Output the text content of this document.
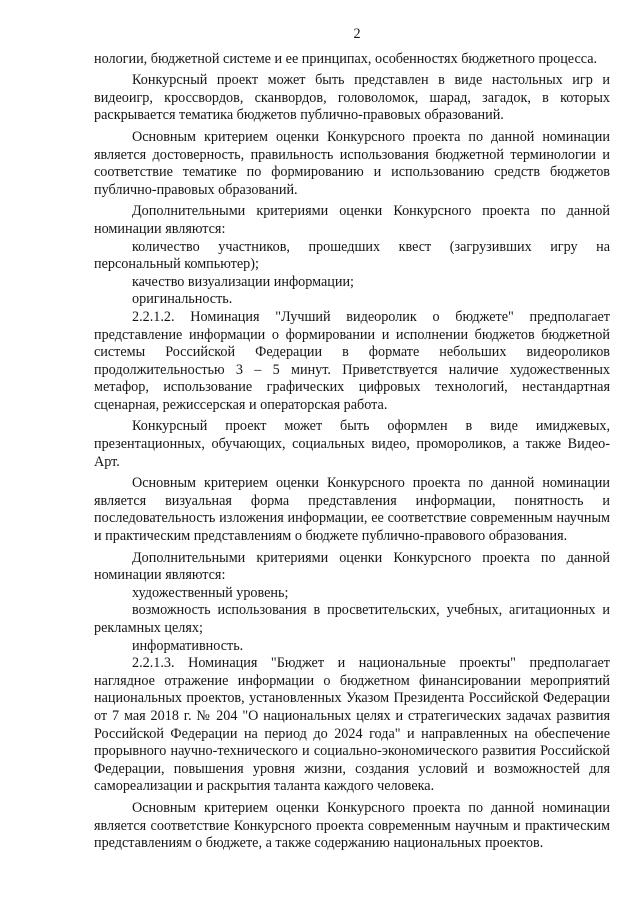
2

нологии, бюджетной системе и ее принципах, особенностях бюджетного процесса.

Конкурсный проект может быть представлен в виде настольных игр и видеоигр, кроссвордов, сканвордов, головоломок, шарад, загадок, в которых раскрывается тематика бюджетов публично-правовых образований.

Основным критерием оценки Конкурсного проекта по данной номинации является достоверность, правильность использования бюджетной терминологии и соответствие тематике по формированию и использованию средств бюджетов публично-правовых образований.

Дополнительными критериями оценки Конкурсного проекта по данной номинации являются:

количество участников, прошедших квест (загрузивших игру на персональный компьютер);

качество визуализации информации;

оригинальность.

2.2.1.2. Номинация "Лучший видеоролик о бюджете" предполагает представление информации о формировании и исполнении бюджетов бюджетной системы Российской Федерации в формате небольших видеороликов продолжительностью 3 – 5 минут. Приветствуется наличие художественных метафор, использование графических цифровых технологий, нестандартная сценарная, режиссерская и операторская работа.

Конкурсный проект может быть оформлен в виде имиджевых, презентационных, обучающих, социальных видео, промороликов, а также Видео-Арт.

Основным критерием оценки Конкурсного проекта по данной номинации является визуальная форма представления информации, понятность и последовательность изложения информации, ее соответствие современным научным и практическим представлениям о бюджете публично-правового образования.

Дополнительными критериями оценки Конкурсного проекта по данной номинации являются:

художественный уровень;

возможность использования в просветительских, учебных, агитационных и рекламных целях;

информативность.

2.2.1.3. Номинация "Бюджет и национальные проекты" предполагает наглядное отражение информации о бюджетном финансировании мероприятий национальных проектов, установленных Указом Президента Российской Федерации от 7 мая 2018 г. № 204 "О национальных целях и стратегических задачах развития Российской Федерации на период до 2024 года" и направленных на обеспечение прорывного научно-технического и социально-экономического развития Российской Федерации, повышения уровня жизни, создания условий и возможностей для самореализации и раскрытия таланта каждого человека.

Основным критерием оценки Конкурсного проекта по данной номинации является соответствие Конкурсного проекта современным научным и практическим представлениям о бюджете, а также содержанию национальных проектов.
